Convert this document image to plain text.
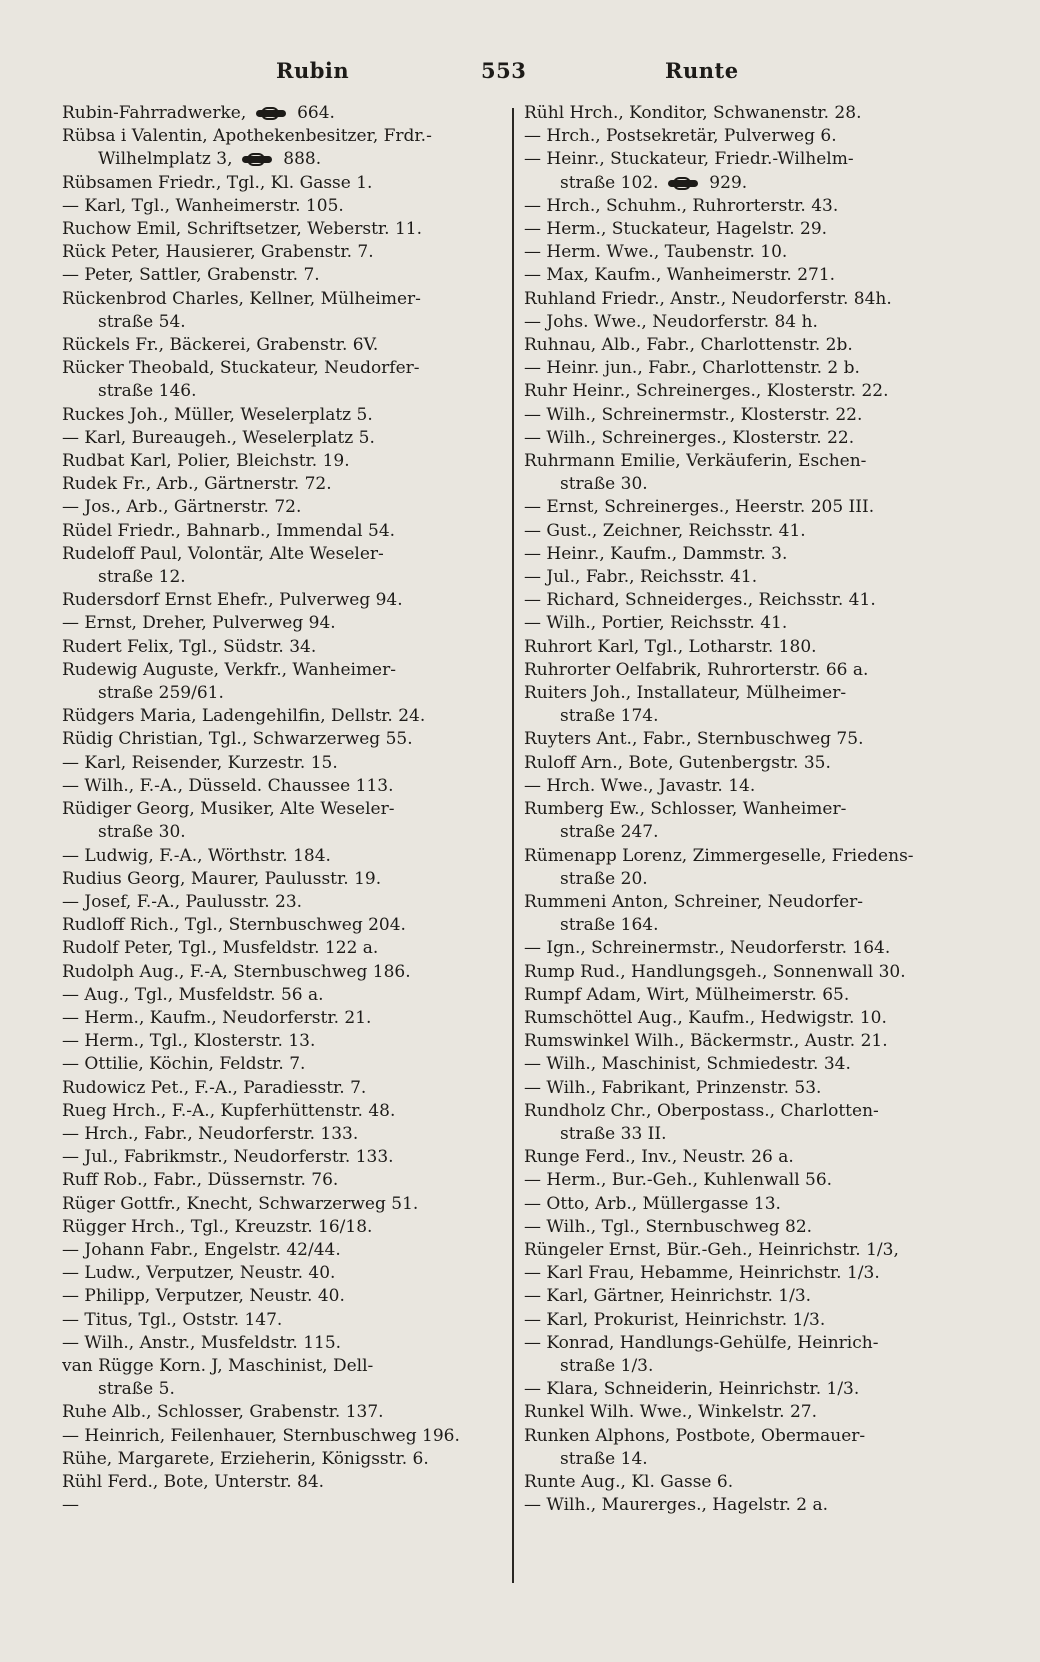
Rubin	553	Runte
Rubin-Fahrradwerke,  664.
Rübsa i Valentin, Apothekenbesitzer, Frdr.-
Wilhelmplatz 3,  888.
Rübsamen Friedr., Tgl., Kl. Gasse 1.
— Karl, Tgl., Wanheimerstr. 105.
Ruchow Emil, Schriftsetzer, Weberstr. 11.
Rück Peter, Hausierer, Grabenstr. 7.
— Peter, Sattler, Grabenstr. 7.
Rückenbrod Charles, Kellner, Mülheimer-
straße 54.
Rückels Fr., Bäckerei, Grabenstr. 6V.
Rücker Theobald, Stuckateur, Neudorfer-
straße 146.
Ruckes Joh., Müller, Weselerplatz 5.
— Karl, Bureaugeh., Weselerplatz 5.
Rudbat Karl, Polier, Bleichstr. 19.
Rudek Fr., Arb., Gärtnerstr. 72.
— Jos., Arb., Gärtnerstr. 72.
Rüdel Friedr., Bahnarb., Immendal 54.
Rudeloff Paul, Volontär, Alte Weseler-
straße 12.
Rudersdorf Ernst Ehefr., Pulverweg 94.
— Ernst, Dreher, Pulverweg 94.
Rudert Felix, Tgl., Südstr. 34.
Rudewig Auguste, Verkfr., Wanheimer-
straße 259/61.
Rüdgers Maria, Ladengehilfin, Dellstr. 24.
Rüdig Christian, Tgl., Schwarzerweg 55.
— Karl, Reisender, Kurzestr. 15.
— Wilh., F.-A., Düsseld. Chaussee 113.
Rüdiger Georg, Musiker, Alte Weseler-
straße 30.
— Ludwig, F.-A., Wörthstr. 184.
Rudius Georg, Maurer, Paulusstr. 19.
— Josef, F.-A., Paulusstr. 23.
Rudloff Rich., Tgl., Sternbuschweg 204.
Rudolf Peter, Tgl., Musfeldstr. 122 a.
Rudolph Aug., F.-A, Sternbuschweg 186.
— Aug., Tgl., Musfeldstr. 56 a.
— Herm., Kaufm., Neudorferstr. 21.
— Herm., Tgl., Klosterstr. 13.
— Ottilie, Köchin, Feldstr. 7.
Rudowicz Pet., F.-A., Paradiesstr. 7.
Rueg Hrch., F.-A., Kupferhüttenstr. 48.
— Hrch., Fabr., Neudorferstr. 133.
— Jul., Fabrikmstr., Neudorferstr. 133.
Ruff Rob., Fabr., Düssernstr. 76.
Rüger Gottfr., Knecht, Schwarzerweg 51.
Rügger Hrch., Tgl., Kreuzstr. 16/18.
— Johann Fabr., Engelstr. 42/44.
— Ludw., Verputzer, Neustr. 40.
— Philipp, Verputzer, Neustr. 40.
— Titus, Tgl., Oststr. 147.
— Wilh., Anstr., Musfeldstr. 115.
van Rügge Korn. J, Maschinist, Dell-
straße 5.
Ruhe Alb., Schlosser, Grabenstr. 137.
— Heinrich, Feilenhauer, Sternbuschweg 196.
Rühe, Margarete, Erzieherin, Königsstr. 6.
Rühl Ferd., Bote, Unterstr. 84.
—
Rühl Hrch., Konditor, Schwanenstr. 28.
— Hrch., Postsekretär, Pulverweg 6.
— Heinr., Stuckateur, Friedr.-Wilhelm-
straße 102.  929.
— Hrch., Schuhm., Ruhrorterstr. 43.
— Herm., Stuckateur, Hagelstr. 29.
— Herm. Wwe., Taubenstr. 10.
— Max, Kaufm., Wanheimerstr. 271.
Ruhland Friedr., Anstr., Neudorferstr. 84h.
— Johs. Wwe., Neudorferstr. 84 h.
Ruhnau, Alb., Fabr., Charlottenstr. 2b.
— Heinr. jun., Fabr., Charlottenstr. 2 b.
Ruhr Heinr., Schreinerges., Klosterstr. 22.
— Wilh., Schreinermstr., Klosterstr. 22.
— Wilh., Schreinerges., Klosterstr. 22.
Ruhrmann Emilie, Verkäuferin, Eschen-
straße 30.
— Ernst, Schreinerges., Heerstr. 205 III.
— Gust., Zeichner, Reichsstr. 41.
— Heinr., Kaufm., Dammstr. 3.
— Jul., Fabr., Reichsstr. 41.
— Richard, Schneiderges., Reichsstr. 41.
— Wilh., Portier, Reichsstr. 41.
Ruhrort Karl, Tgl., Lotharstr. 180.
Ruhrorter Oelfabrik, Ruhrorterstr. 66 a.
Ruiters Joh., Installateur, Mülheimer-
straße 174.
Ruyters Ant., Fabr., Sternbuschweg 75.
Ruloff Arn., Bote, Gutenbergstr. 35.
— Hrch. Wwe., Javastr. 14.
Rumberg Ew., Schlosser, Wanheimer-
straße 247.
Rümenapp Lorenz, Zimmergeselle, Friedens-
straße 20.
Rummeni Anton, Schreiner, Neudorfer-
straße 164.
— Ign., Schreinermstr., Neudorferstr. 164.
Rump Rud., Handlungsgeh., Sonnenwall 30.
Rumpf Adam, Wirt, Mülheimerstr. 65.
Rumschöttel Aug., Kaufm., Hedwigstr. 10.
Rumswinkel Wilh., Bäckermstr., Austr. 21.
— Wilh., Maschinist, Schmiedestr. 34.
— Wilh., Fabrikant, Prinzenstr. 53.
Rundholz Chr., Oberpostass., Charlotten-
straße 33 II.
Runge Ferd., Inv., Neustr. 26 a.
— Herm., Bur.-Geh., Kuhlenwall 56.
— Otto, Arb., Müllergasse 13.
— Wilh., Tgl., Sternbuschweg 82.
Rüngeler Ernst, Bür.-Geh., Heinrichstr. 1/3,
— Karl Frau, Hebamme, Heinrichstr. 1/3.
— Karl, Gärtner, Heinrichstr. 1/3.
— Karl, Prokurist, Heinrichstr. 1/3.
— Konrad, Handlungs-Gehülfe, Heinrich-
straße 1/3.
— Klara, Schneiderin, Heinrichstr. 1/3.
Runkel Wilh. Wwe., Winkelstr. 27.
Runken Alphons, Postbote, Obermauer-
straße 14.
Runte Aug., Kl. Gasse 6.
— Wilh., Maurerges., Hagelstr. 2 a.
